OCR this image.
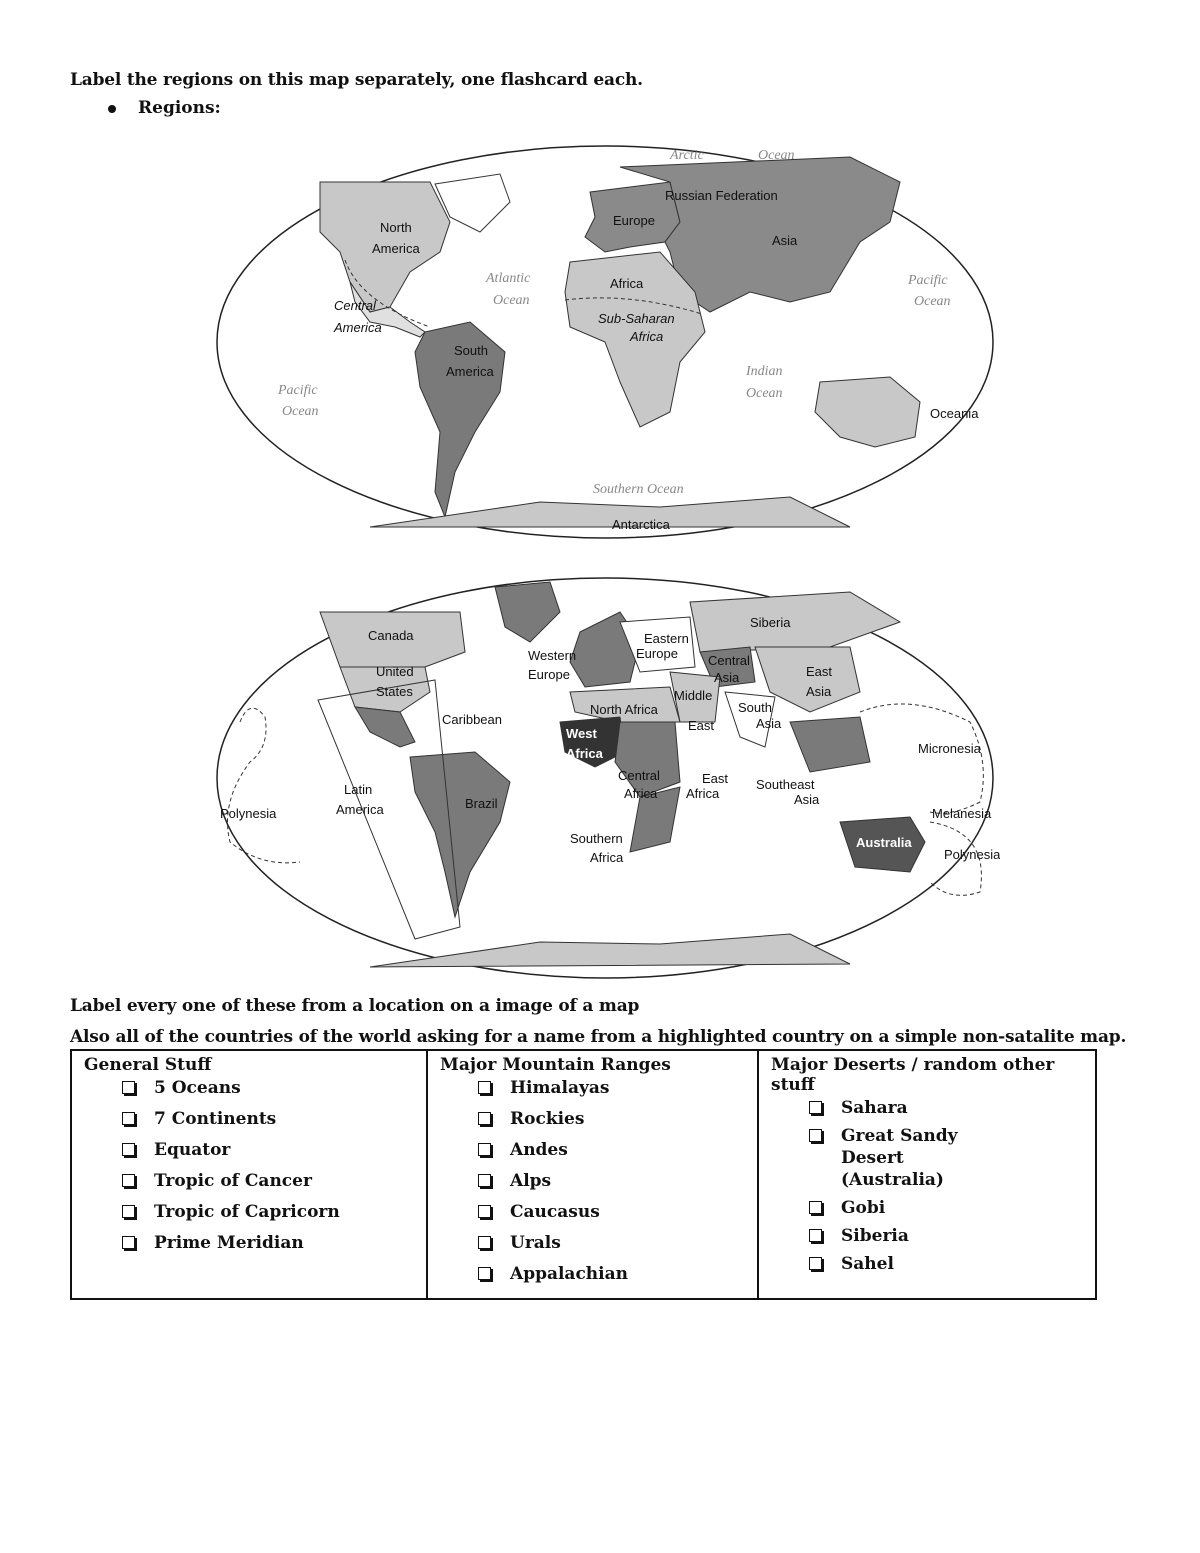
Label the regions on this map separately, one flashcard each.
Regions:
Arctic	Ocean
Russian Federation
Europe
Asia
North
America
Central
America
Atlantic
Ocean
Africa
Sub-Saharan
Africa
Pacific
Ocean
South
America
Pacific
Ocean
Indian
Ocean
Oceania
Southern Ocean
Antarctica
Canada
United
States
Caribbean
Latin
America	Brazil
Polynesia
Western
Europe
Eastern
Europe
Siberia
Central
Asia	East
Asia
North Africa
Middle
East
South
Asia
West
Africa
Central
Africa
East
Africa
Southeast
Asia
Micronesia
Melanesia
Polynesia
Australia
Southern
Africa
Label every one of these from a location on a image of a map
Also all of the countries of the world asking for a name from a highlighted country on a simple non-satalite map.
General Stuff
5 Oceans
7 Continents
Equator
Tropic of Cancer
Tropic of Capricorn
Prime Meridian

Major Mountain Ranges
Himalayas
Rockies
Andes
Alps
Caucasus
Urals
Appalachian

Major Deserts / random other stuff
Sahara
Great Sandy Desert (Australia)
Gobi
Siberia
Sahel
